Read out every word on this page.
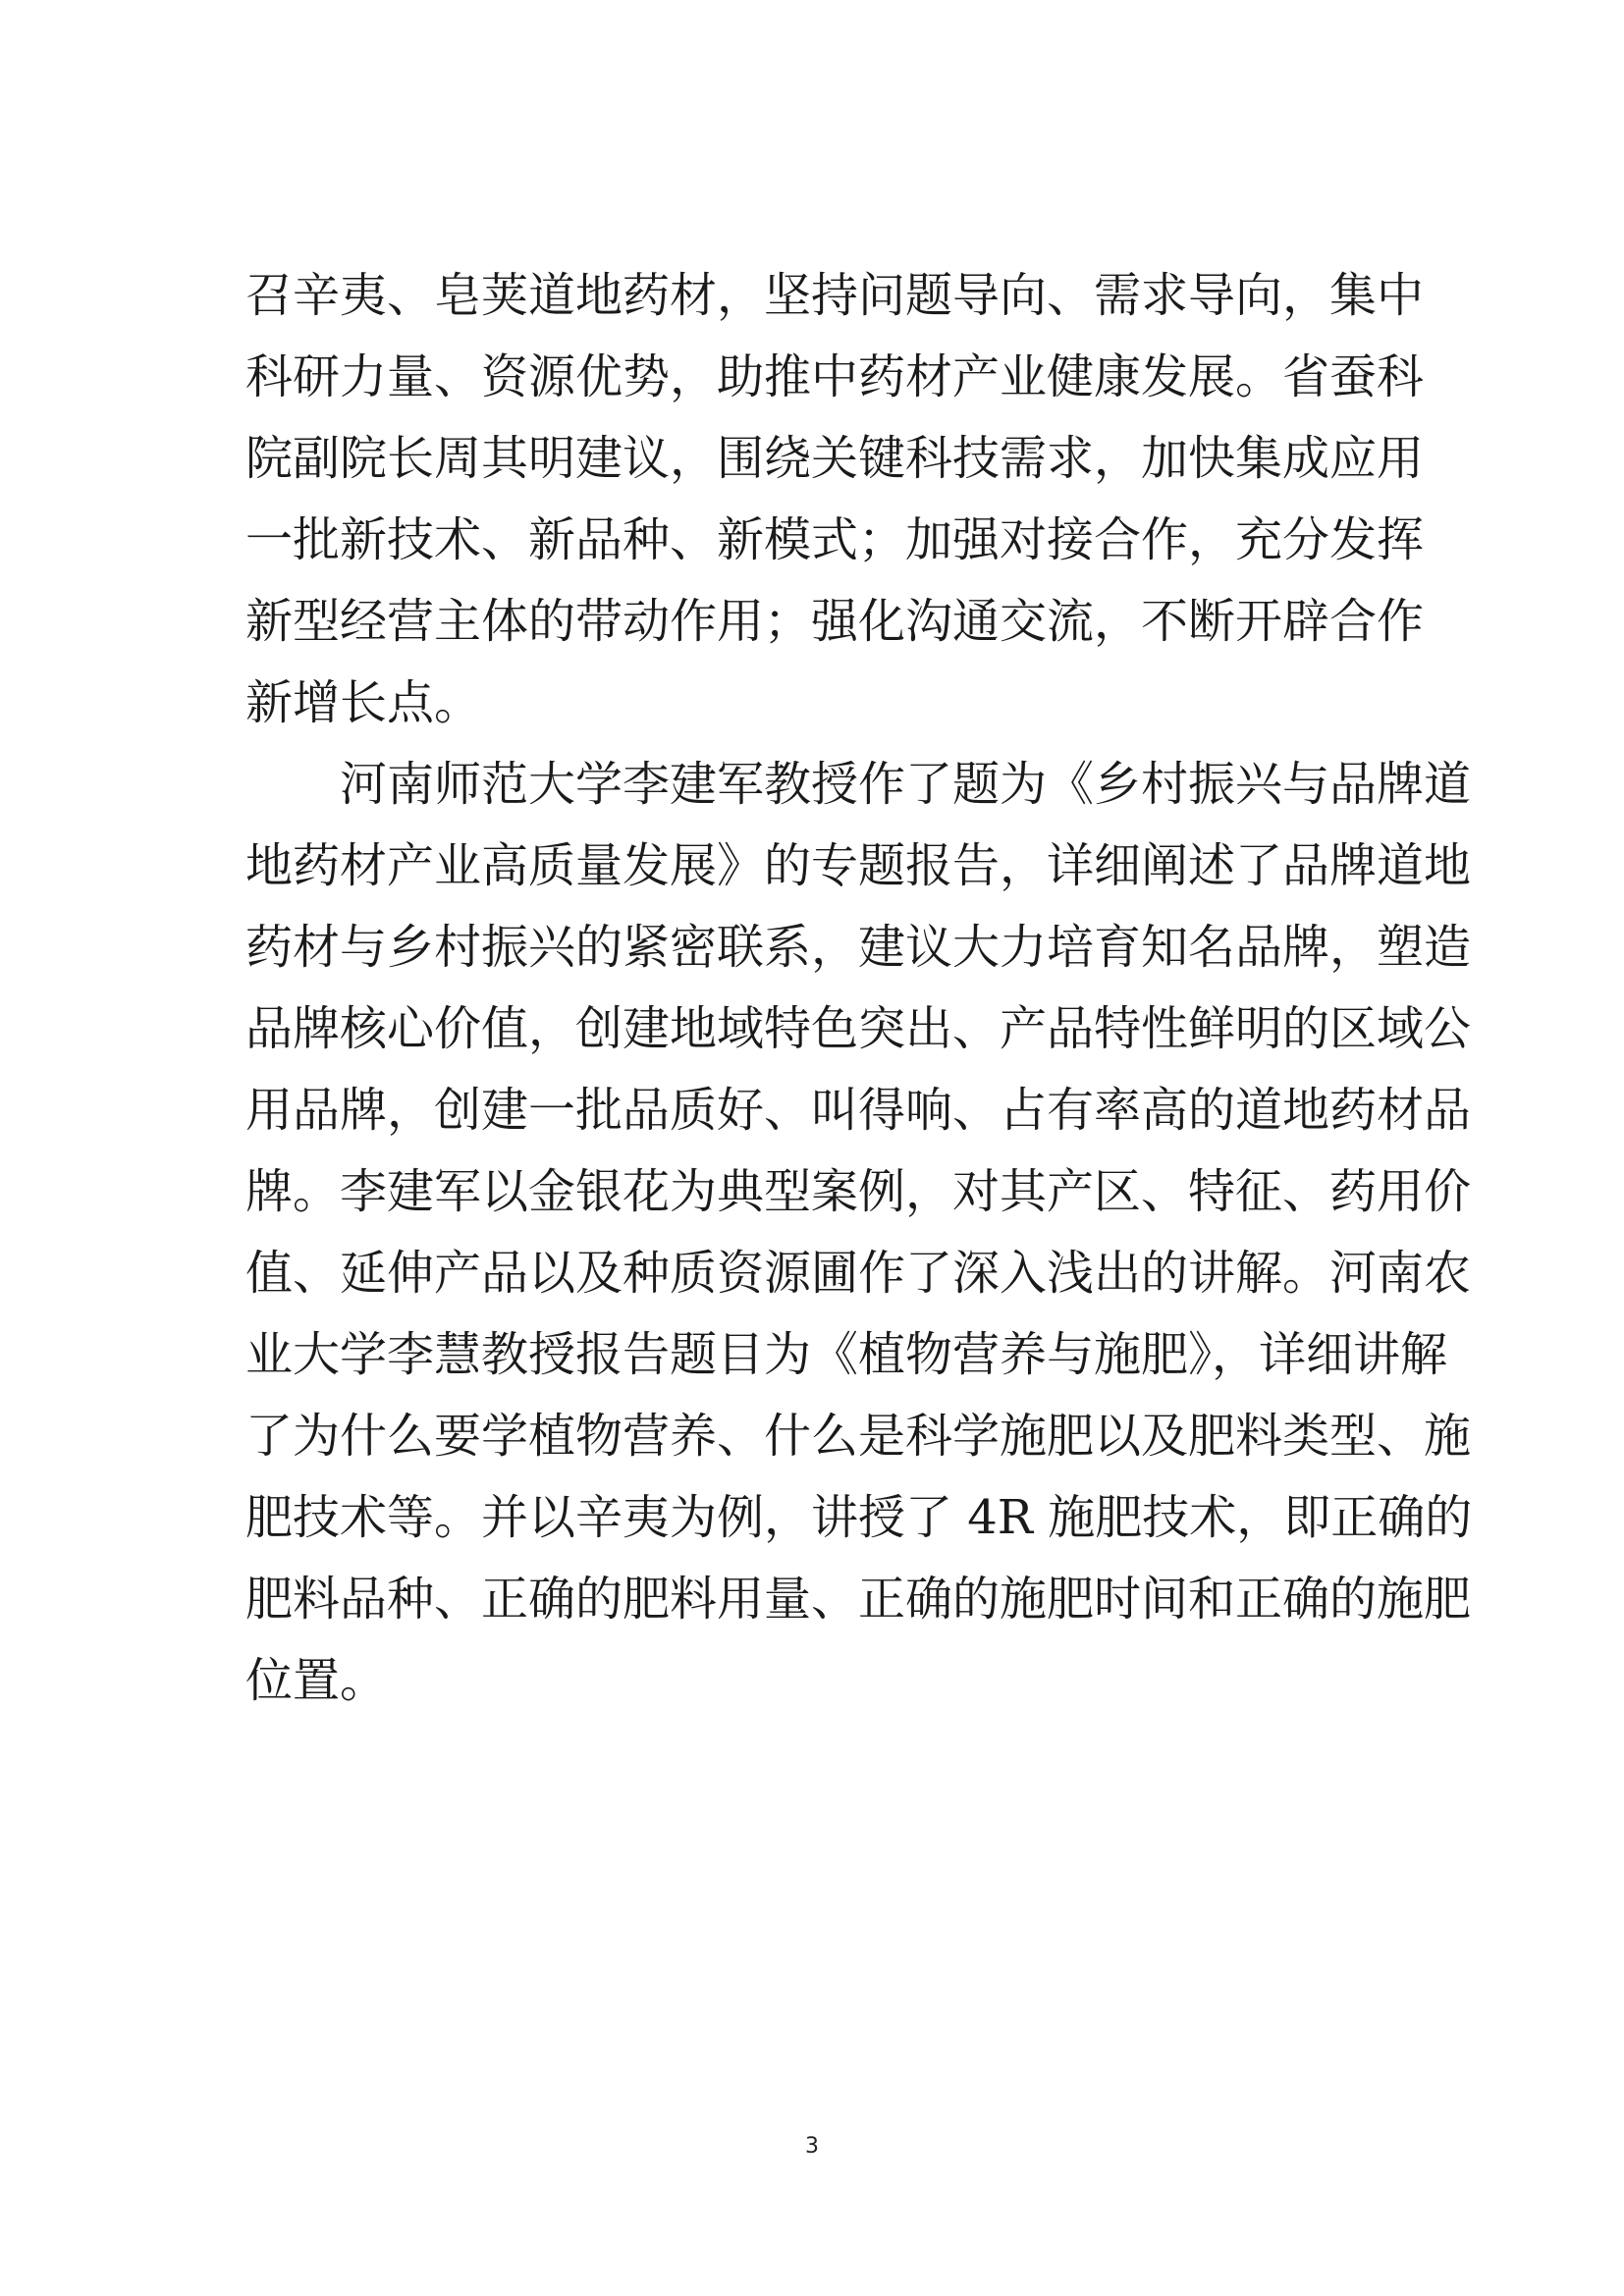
召辛夷、皂荚道地药材，坚持问题导向、需求导向，集中
科研力量、资源优势，助推中药材产业健康发展。省蚕科
院副院长周其明建议，围绕关键科技需求，加快集成应用
一批新技术、新品种、新模式；加强对接合作，充分发挥
新型经营主体的带动作用；强化沟通交流，不断开辟合作
新增长点。
河南师范大学李建军教授作了题为《乡村振兴与品牌道
地药材产业高质量发展》的专题报告，详细阐述了品牌道地
药材与乡村振兴的紧密联系，建议大力培育知名品牌，塑造
品牌核心价值，创建地域特色突出、产品特性鲜明的区域公
用品牌，创建一批品质好、叫得响、占有率高的道地药材品
牌。李建军以金银花为典型案例，对其产区、特征、药用价
值、延伸产品以及种质资源圃作了深入浅出的讲解。河南农
业大学李慧教授报告题目为《植物营养与施肥》，详细讲解
了为什么要学植物营养、什么是科学施肥以及肥料类型、施
肥技术等。并以辛夷为例，讲授了 4R 施肥技术，即正确的
肥料品种、正确的肥料用量、正确的施肥时间和正确的施肥
位置。
3
